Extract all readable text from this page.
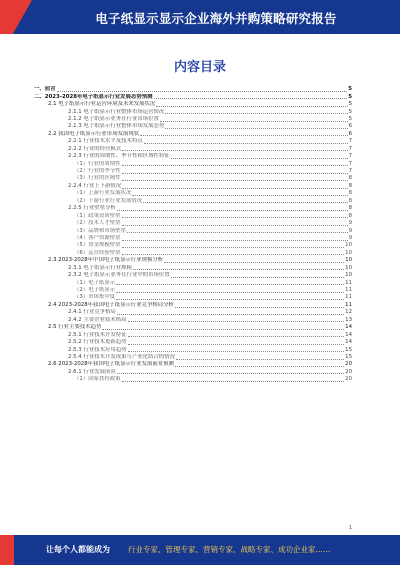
电子纸显示显示企业海外并购策略研究报告
内容目录
一、前言	5
二、2023-2028年电子纸显示行业发展态势预测	5
2.1 电子纸显示行业运营环境及未来发展状况	5
2.1.1 电子纸显示行业整体市场运营情况	5
2.1.2 电子纸显示业务在行业市场位置	5
2.1.3 电子纸显示行业整体市场发展态势	6
2.2 我国电子纸显示行业市场发展现状	6
2.2.1 行业技术水平及技术特点	7
2.2.2 行业的经营模式	7
2.2.3 行业的周期性、季节性和区域性特征	7
（1）行业的周期性	7
（2）行业的季节性	7
（3）行业的区域性	8
2.2.4 行业上下游情况	8
（1）上游行业发展状况	8
（2）下游行业行业发展情况	8
2.2.5 行业壁垒分析	8
（1）政策资质壁垒	8
（2）技术人才壁垒	9
（3）品牌和市场壁垒	9
（4）客户资源壁垒	9
（5）资金规模壁垒	10
（6）运营经验壁垒	10
2.3 2023-2028年中国电子纸显示行业规模分析	10
2.3.1 电子纸显示行业规模	10
2.3.2 电子纸显示业务在行业中的市场位置	10
（1）电子纸显示	11
（2）电子纸显示	11
（3）市场集中度	11
2.4 2023-2028年我国电子纸显示行业竞争格局分析	11
2.4.1 行业竞争格局	12
2.4.2 主要企业技术格局	13
2.5 行业主要技术趋势	14
2.5.1 行业技术开发特征	14
2.5.2 行业技术更新趋势	14
2.5.3 行业技术应用趋势	15
2.5.4 行业技术开发成果与产业化结合的情况	15
2.6 2023-2028年我国电子纸显示行业发展前景预测	20
2.6.1 行业发展前景	20
（1）国家扶持政策	20
1
让每个人都能成为 行业专家、管理专家、营销专家、战略专家、成功企业家……
